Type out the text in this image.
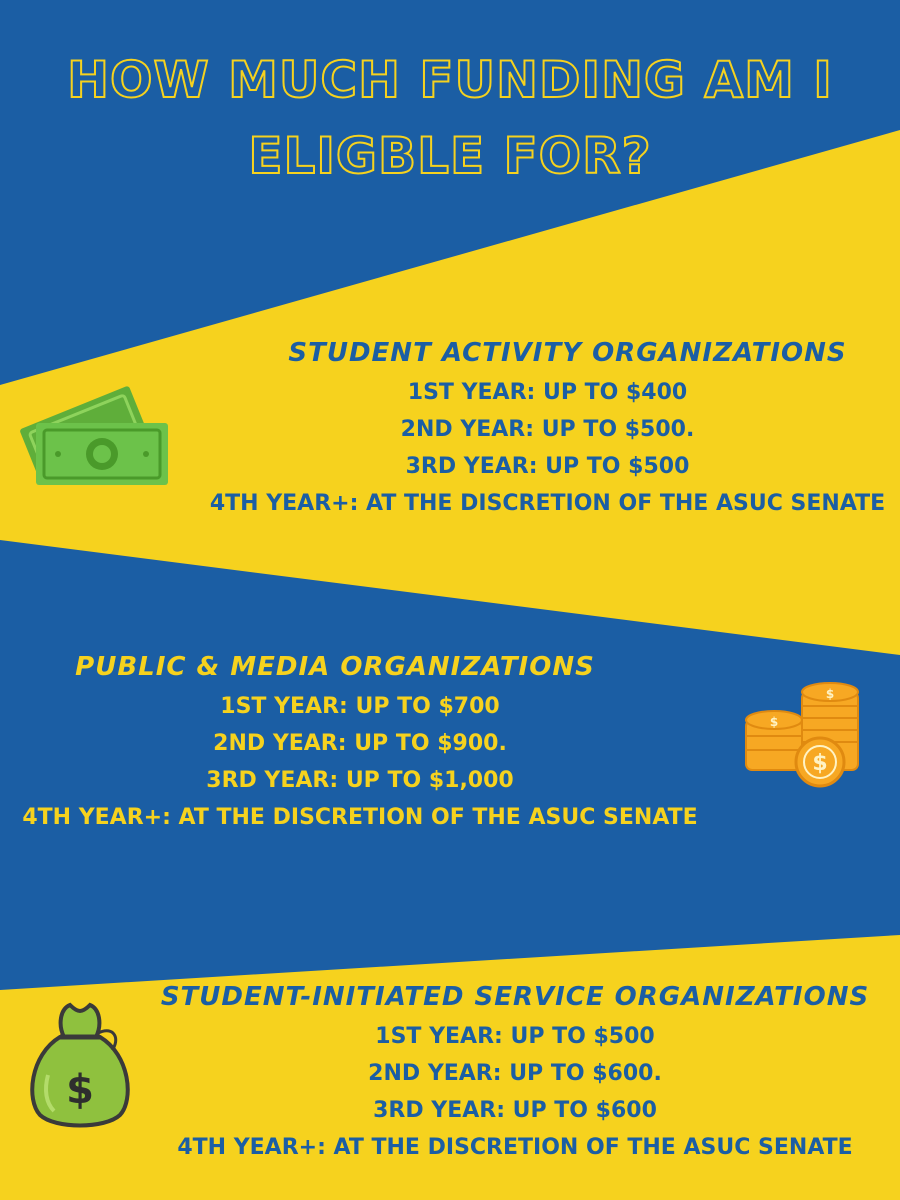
HOW MUCH FUNDING AM I
ELIGBLE FOR?
STUDENT ACTIVITY ORGANIZATIONS
1ST YEAR: UP TO $400
2ND YEAR: UP TO $500.
3RD YEAR: UP TO $500
4TH YEAR+: AT THE DISCRETION OF THE ASUC SENATE
PUBLIC & MEDIA ORGANIZATIONS
1ST YEAR: UP TO $700
2ND YEAR: UP TO $900.
3RD YEAR: UP TO $1,000
4TH YEAR+: AT THE DISCRETION OF THE ASUC SENATE
$
$
$
STUDENT-INITIATED SERVICE ORGANIZATIONS
1ST YEAR: UP TO $500
2ND YEAR: UP TO $600.
3RD YEAR: UP TO $600
4TH YEAR+: AT THE DISCRETION OF THE ASUC SENATE
$
